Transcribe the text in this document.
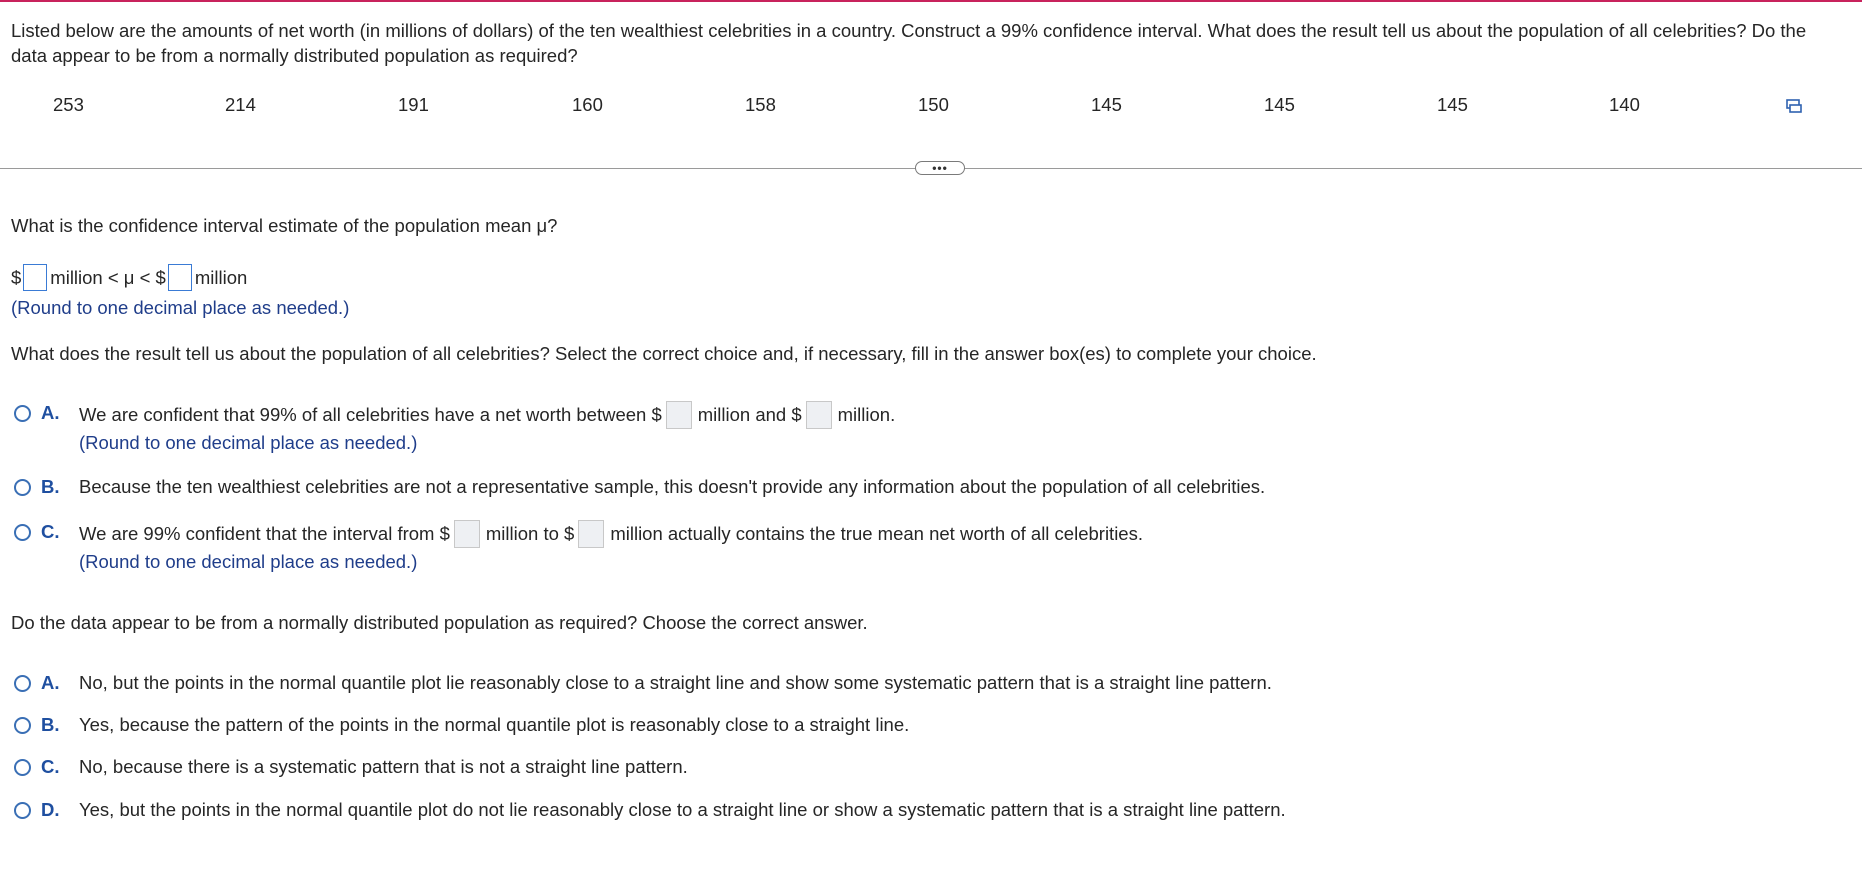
Listed below are the amounts of net worth (in millions of dollars) of the ten wealthiest celebrities in a country. Construct a 99% confidence interval. What does the result tell us about the population of all celebrities? Do the data appear to be from a normally distributed population as required?
253	214	191	160	158	150	145	145	145	140
•••
What is the confidence interval estimate of the population mean μ?
$ million < μ < $ million
(Round to one decimal place as needed.)
What does the result tell us about the population of all celebrities? Select the correct choice and, if necessary, fill in the answer box(es) to complete your choice.
A.	We are confident that 99% of all celebrities have a net worth between $ million and $ million.
(Round to one decimal place as needed.)
B.	Because the ten wealthiest celebrities are not a representative sample, this doesn't provide any information about the population of all celebrities.
C.	We are 99% confident that the interval from $ million to $ million actually contains the true mean net worth of all celebrities.
(Round to one decimal place as needed.)
Do the data appear to be from a normally distributed population as required? Choose the correct answer.
A.	No, but the points in the normal quantile plot lie reasonably close to a straight line and show some systematic pattern that is a straight line pattern.
B.	Yes, because the pattern of the points in the normal quantile plot is reasonably close to a straight line.
C.	No, because there is a systematic pattern that is not a straight line pattern.
D.	Yes, but the points in the normal quantile plot do not lie reasonably close to a straight line or show a systematic pattern that is a straight line pattern.
